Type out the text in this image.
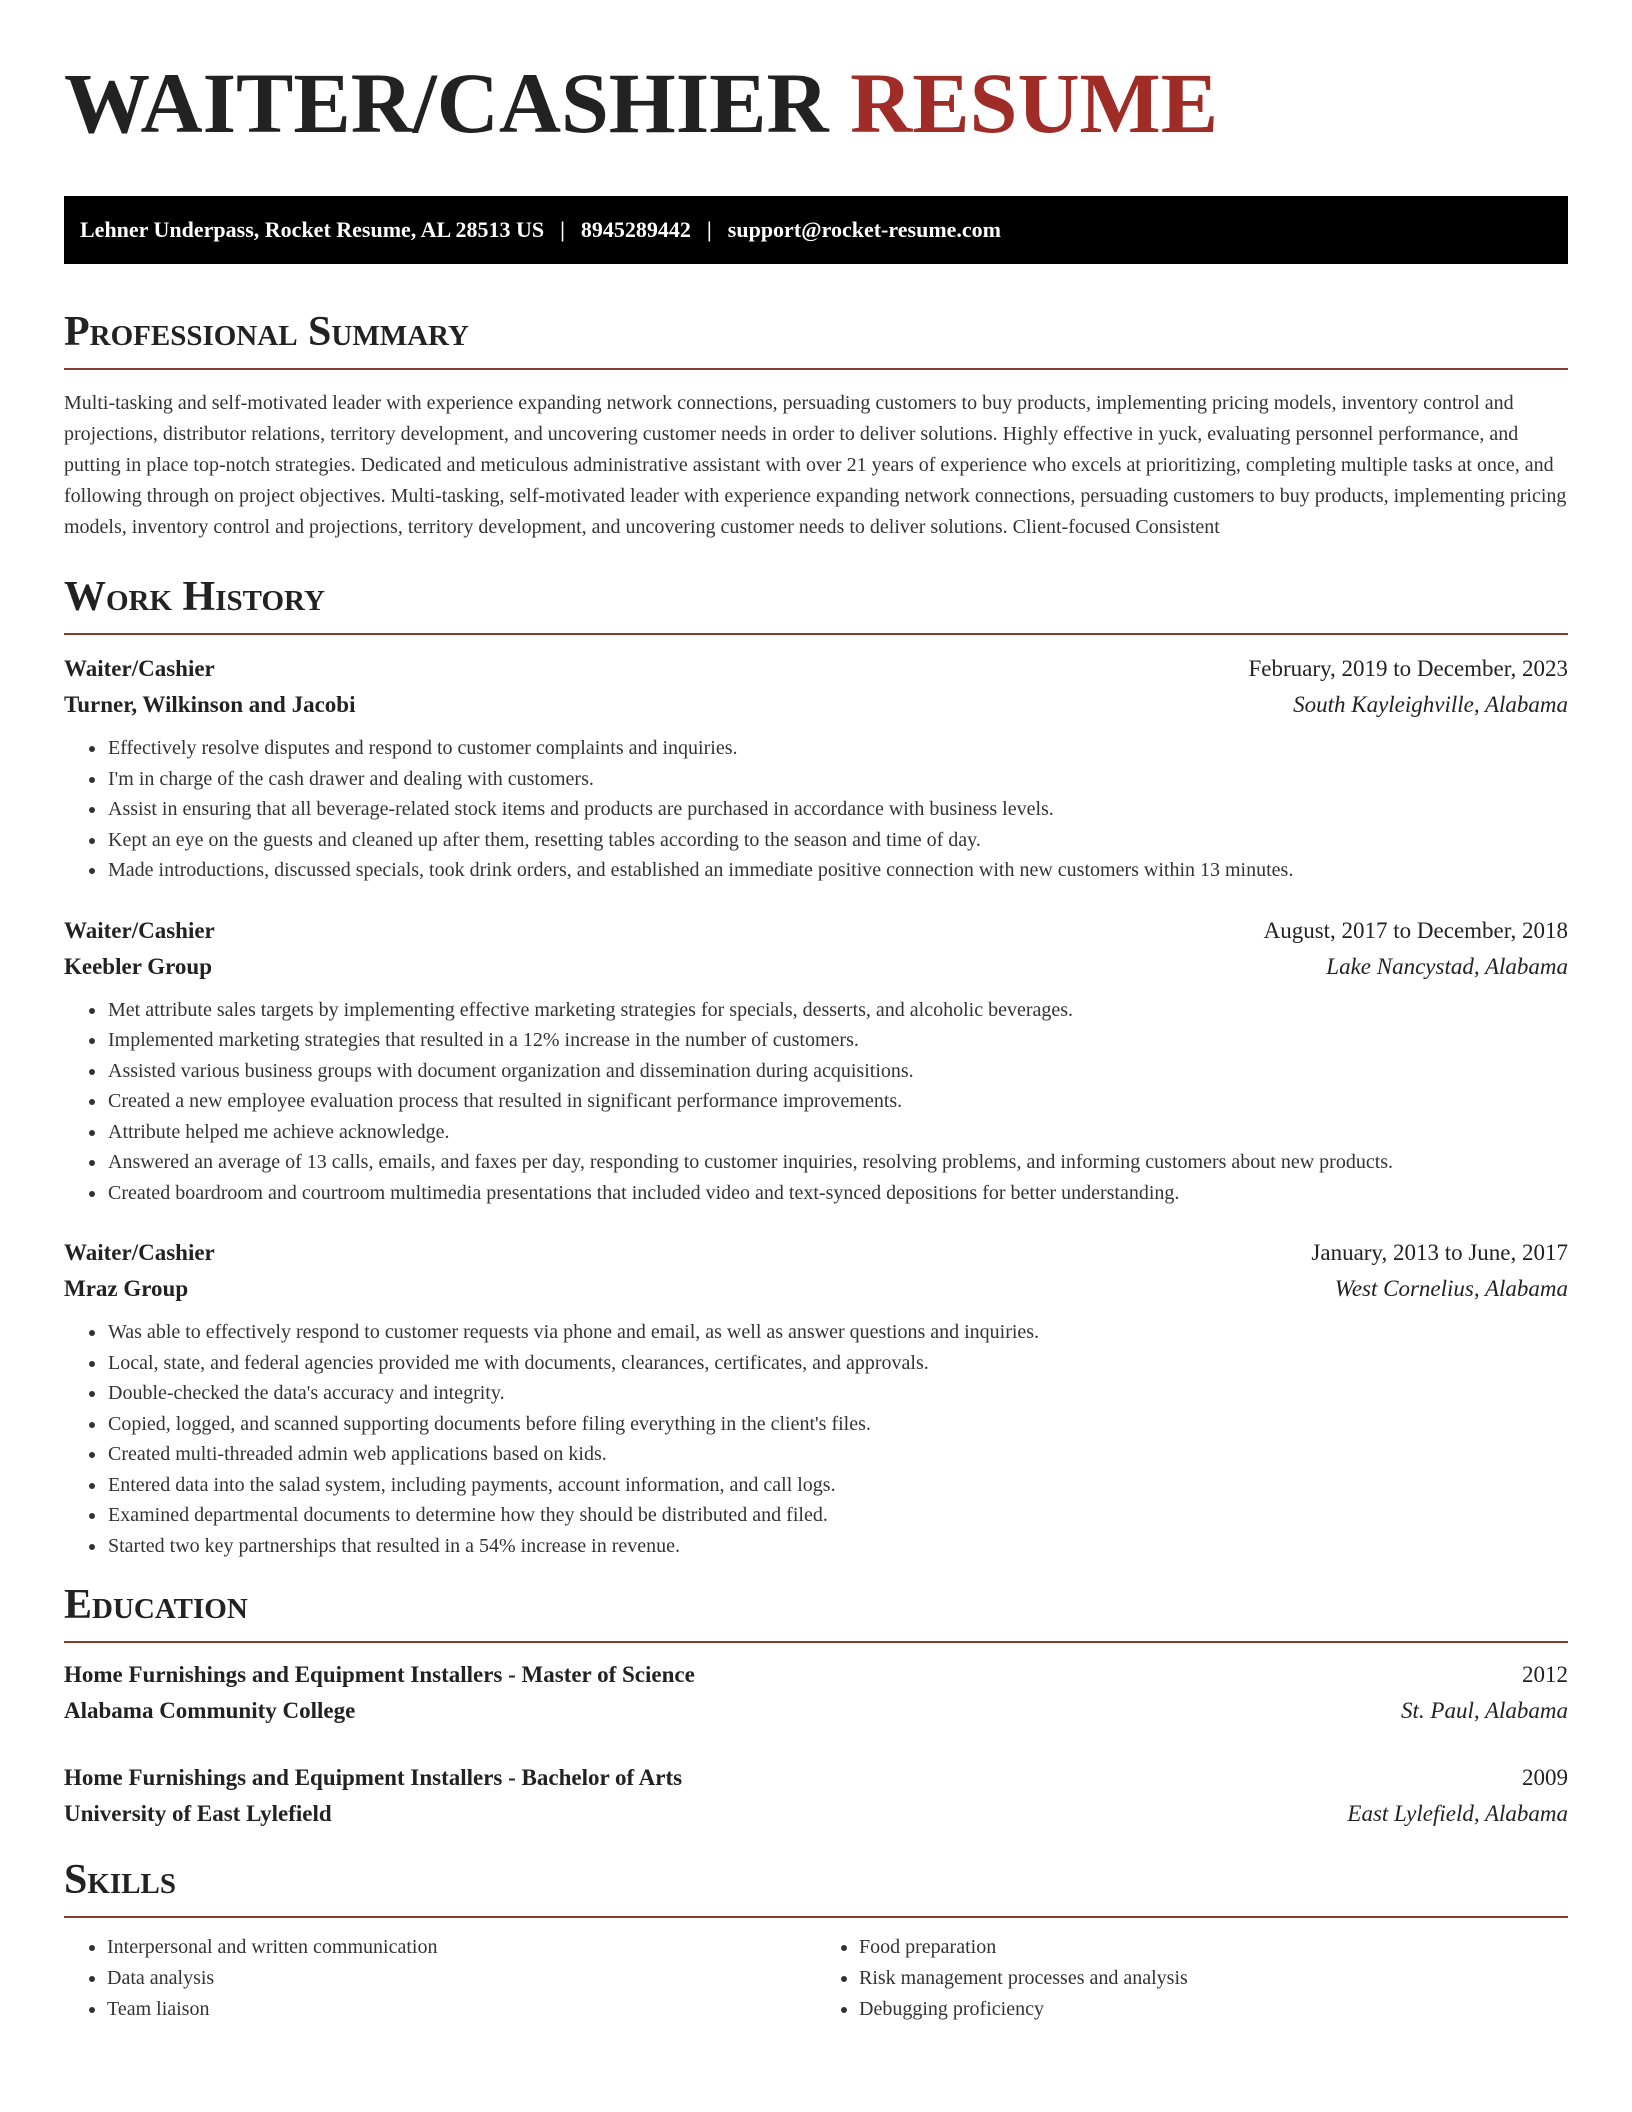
WAITER/CASHIER RESUME
Lehner Underpass, Rocket Resume, AL 28513 US | 8945289442 | support@rocket-resume.com
Professional Summary

Multi-tasking and self-motivated leader with experience expanding network connections, persuading customers to buy products, implementing pricing models, inventory control and projections, distributor relations, territory development, and uncovering customer needs in order to deliver solutions. Highly effective in yuck, evaluating personnel performance, and putting in place top-notch strategies. Dedicated and meticulous administrative assistant with over 21 years of experience who excels at prioritizing, completing multiple tasks at once, and following through on project objectives. Multi-tasking, self-motivated leader with experience expanding network connections, persuading customers to buy products, implementing pricing models, inventory control and projections, territory development, and uncovering customer needs to deliver solutions. Client-focused Consistent

Work History
Waiter/Cashier	February, 2019 to December, 2023
Turner, Wilkinson and Jacobi	South Kayleighville, Alabama
• Effectively resolve disputes and respond to customer complaints and inquiries.
• I'm in charge of the cash drawer and dealing with customers.
• Assist in ensuring that all beverage-related stock items and products are purchased in accordance with business levels.
• Kept an eye on the guests and cleaned up after them, resetting tables according to the season and time of day.
• Made introductions, discussed specials, took drink orders, and established an immediate positive connection with new customers within 13 minutes.
Waiter/Cashier	August, 2017 to December, 2018
Keebler Group	Lake Nancystad, Alabama
• Met attribute sales targets by implementing effective marketing strategies for specials, desserts, and alcoholic beverages.
• Implemented marketing strategies that resulted in a 12% increase in the number of customers.
• Assisted various business groups with document organization and dissemination during acquisitions.
• Created a new employee evaluation process that resulted in significant performance improvements.
• Attribute helped me achieve acknowledge.
• Answered an average of 13 calls, emails, and faxes per day, responding to customer inquiries, resolving problems, and informing customers about new products.
• Created boardroom and courtroom multimedia presentations that included video and text-synced depositions for better understanding.
Waiter/Cashier	January, 2013 to June, 2017
Mraz Group	West Cornelius, Alabama
• Was able to effectively respond to customer requests via phone and email, as well as answer questions and inquiries.
• Local, state, and federal agencies provided me with documents, clearances, certificates, and approvals.
• Double-checked the data's accuracy and integrity.
• Copied, logged, and scanned supporting documents before filing everything in the client's files.
• Created multi-threaded admin web applications based on kids.
• Entered data into the salad system, including payments, account information, and call logs.
• Examined departmental documents to determine how they should be distributed and filed.
• Started two key partnerships that resulted in a 54% increase in revenue.
Education
Home Furnishings and Equipment Installers - Master of Science	2012
Alabama Community College	St. Paul, Alabama
Home Furnishings and Equipment Installers - Bachelor of Arts	2009
University of East Lylefield	East Lylefield, Alabama
Skills
• Interpersonal and written communication
• Data analysis
• Team liaison
• Food preparation
• Risk management processes and analysis
• Debugging proficiency
